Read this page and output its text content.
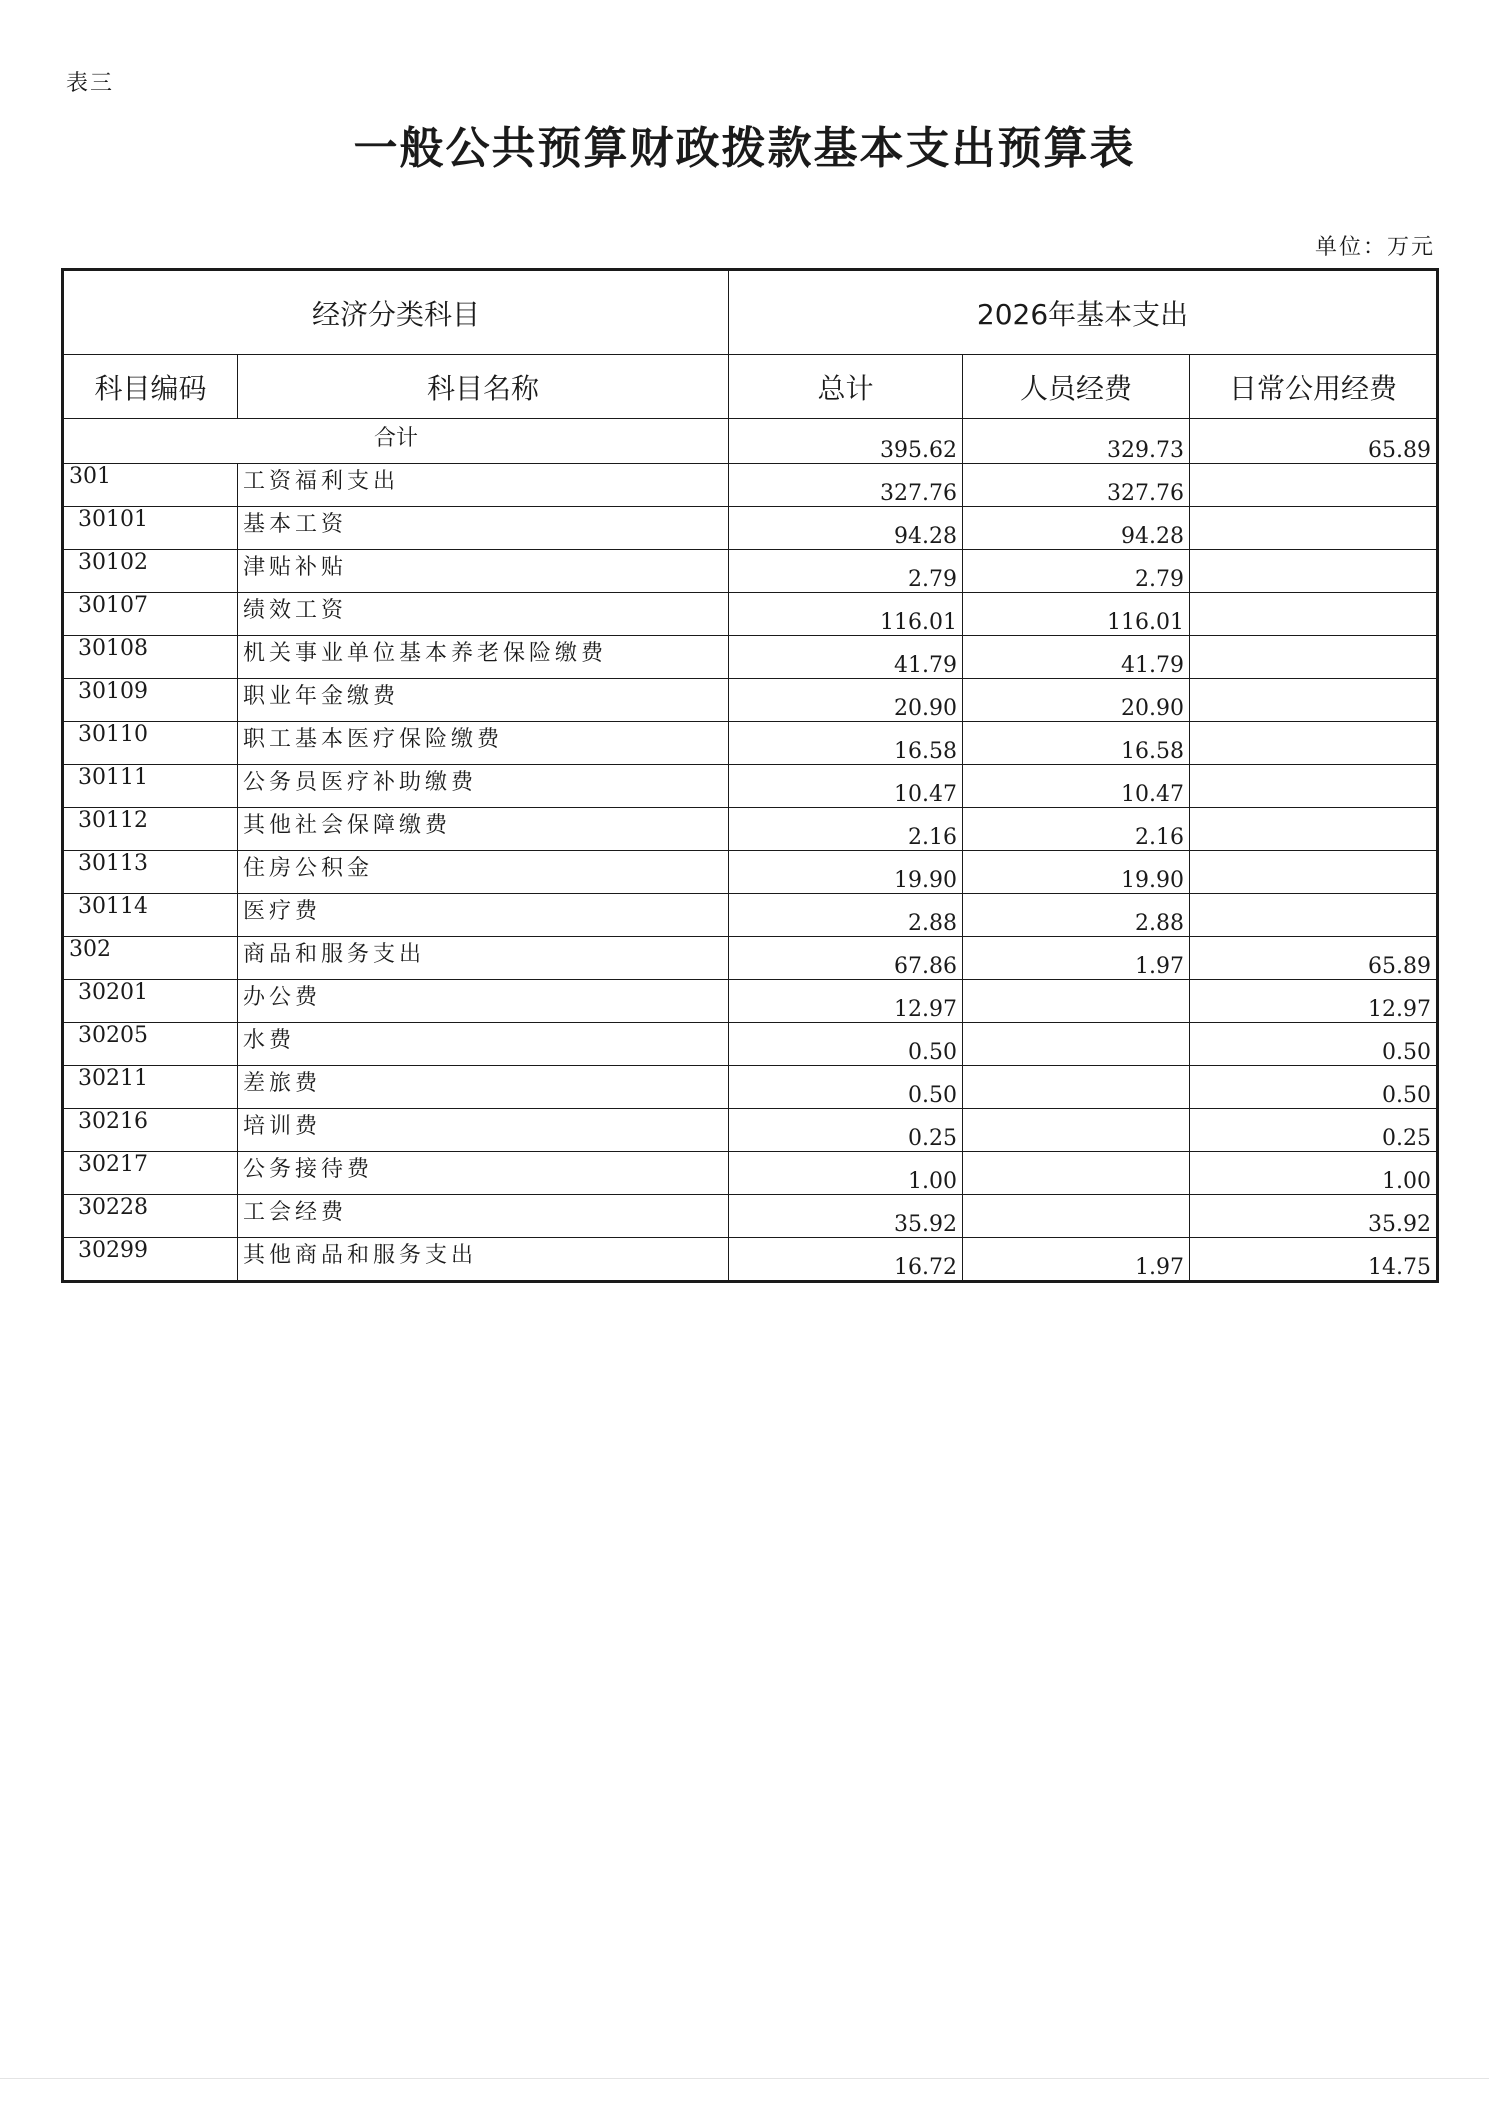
表三
一般公共预算财政拨款基本支出预算表
单位：万元
经济分类科目		2026年基本支出		
科目编码	科目名称	总计	人员经费	日常公用经费
合计		395.62	329.73	65.89
301	工资福利支出	327.76	327.76	
30101	基本工资	94.28	94.28	
30102	津贴补贴	2.79	2.79	
30107	绩效工资	116.01	116.01	
30108	机关事业单位基本养老保险缴费	41.79	41.79	
30109	职业年金缴费	20.90	20.90	
30110	职工基本医疗保险缴费	16.58	16.58	
30111	公务员医疗补助缴费	10.47	10.47	
30112	其他社会保障缴费	2.16	2.16	
30113	住房公积金	19.90	19.90	
30114	医疗费	2.88	2.88	
302	商品和服务支出	67.86	1.97	65.89
30201	办公费	12.97		12.97
30205	水费	0.50		0.50
30211	差旅费	0.50		0.50
30216	培训费	0.25		0.25
30217	公务接待费	1.00		1.00
30228	工会经费	35.92		35.92
30299	其他商品和服务支出	16.72	1.97	14.75
